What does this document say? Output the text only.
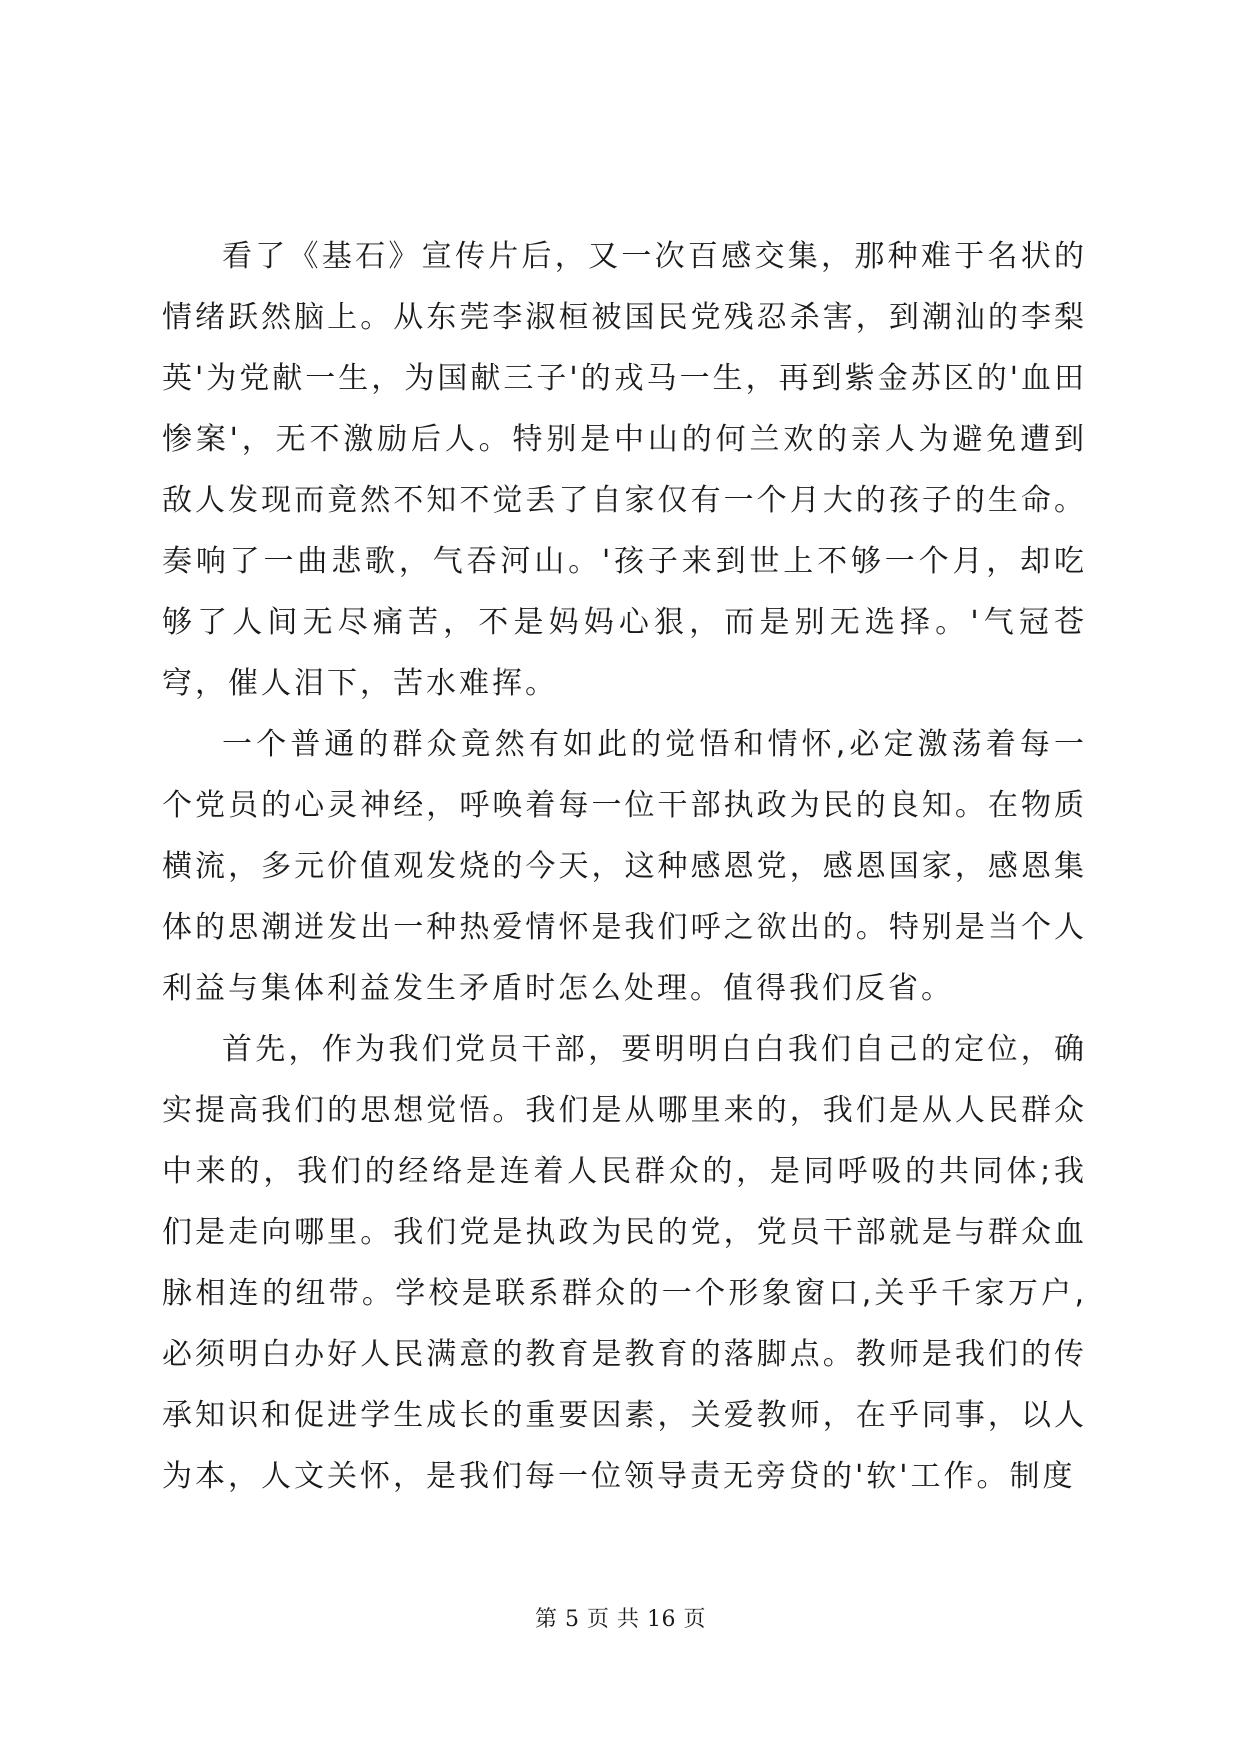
看了《基石》宣传片后，又一次百感交集，那种难于名状的情绪跃然脑上。从东莞李淑桓被国民党残忍杀害，到潮汕的李梨英'为党献一生，为国献三子'的戎马一生，再到紫金苏区的'血田惨案'，无不激励后人。特别是中山的何兰欢的亲人为避免遭到敌人发现而竟然不知不觉丢了自家仅有一个月大的孩子的生命。奏响了一曲悲歌，气吞河山。'孩子来到世上不够一个月，却吃够了人间无尽痛苦，不是妈妈心狠，而是别无选择。'气冠苍穹，催人泪下，苦水难挥。

一个普通的群众竟然有如此的觉悟和情怀,必定激荡着每一个党员的心灵神经，呼唤着每一位干部执政为民的良知。在物质横流，多元价值观发烧的今天，这种感恩党，感恩国家，感恩集体的思潮迸发出一种热爱情怀是我们呼之欲出的。特别是当个人利益与集体利益发生矛盾时怎么处理。值得我们反省。

首先，作为我们党员干部，要明明白白我们自己的定位，确实提高我们的思想觉悟。我们是从哪里来的，我们是从人民群众中来的，我们的经络是连着人民群众的，是同呼吸的共同体;我们是走向哪里。我们党是执政为民的党，党员干部就是与群众血脉相连的纽带。学校是联系群众的一个形象窗口,关乎千家万户,必须明白办好人民满意的教育是教育的落脚点。教师是我们的传承知识和促进学生成长的重要因素，关爱教师，在乎同事，以人为本，人文关怀，是我们每一位领导责无旁贷的'软'工作。制度

第 5 页 共 16 页
